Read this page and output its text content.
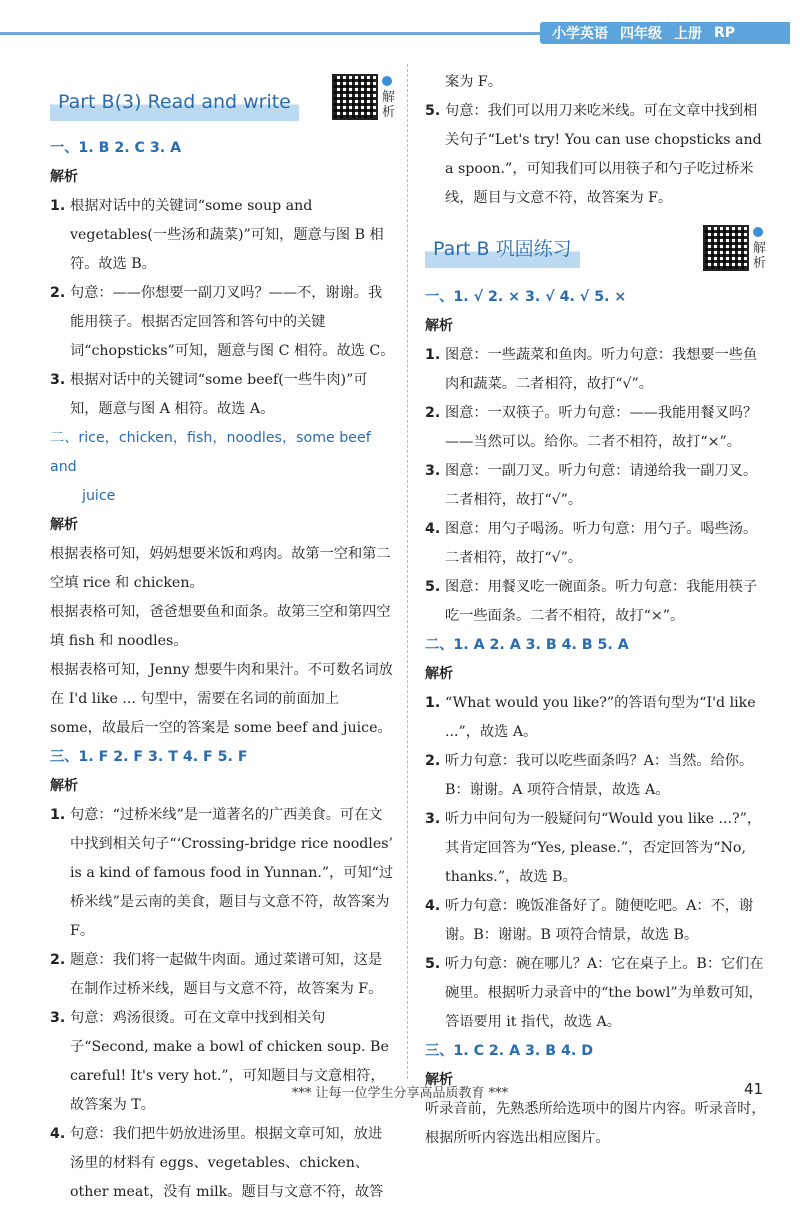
小学英语 四年级 上册 RP
Part B(3) Read and write	解析

一、1. B 2. C 3. A

解析

1. 根据对话中的关键词“some soup and vegetables(一些汤和蔬菜)”可知，题意与图 B 相符。故选 B。
2. 句意：——你想要一副刀叉吗？——不，谢谢。我能用筷子。根据否定回答和答句中的关键词“chopsticks”可知，题意与图 C 相符。故选 C。
3. 根据对话中的关键词“some beef(一些牛肉)”可知，题意与图 A 相符。故选 A。

二、rice，chicken，fish，noodles，some beef and

juice

解析

根据表格可知，妈妈想要米饭和鸡肉。故第一空和第二空填 rice 和 chicken。

根据表格可知，爸爸想要鱼和面条。故第三空和第四空填 fish 和 noodles。

根据表格可知，Jenny 想要牛肉和果汁。不可数名词放在 I'd like ... 句型中，需要在名词的前面加上 some，故最后一空的答案是 some beef and juice。

三、1. F 2. F 3. T 4. F 5. F

解析

1. 句意：“过桥米线”是一道著名的广西美食。可在文中找到相关句子“‘Crossing-bridge rice noodles’ is a kind of famous food in Yunnan.”，可知“过桥米线”是云南的美食，题目与文意不符，故答案为 F。
2. 题意：我们将一起做牛肉面。通过菜谱可知，这是在制作过桥米线，题目与文意不符，故答案为 F。
3. 句意：鸡汤很烫。可在文章中找到相关句子“Second, make a bowl of chicken soup. Be careful! It's very hot.”，可知题目与文意相符，故答案为 T。
4. 句意：我们把牛奶放进汤里。根据文章可知，放进汤里的材料有 eggs、vegetables、chicken、other meat，没有 milk。题目与文意不符，故答

案为 F。

5. 句意：我们可以用刀来吃米线。可在文章中找到相关句子“Let's try! You can use chopsticks and a spoon.”，可知我们可以用筷子和勺子吃过桥米线，题目与文意不符，故答案为 F。
Part B 巩固练习	解析

一、1. √ 2. × 3. √ 4. √ 5. ×

解析

1. 图意：一些蔬菜和鱼肉。听力句意：我想要一些鱼肉和蔬菜。二者相符，故打“√”。
2. 图意：一双筷子。听力句意：——我能用餐叉吗？——当然可以。给你。二者不相符，故打“×”。
3. 图意：一副刀叉。听力句意：请递给我一副刀叉。二者相符，故打“√”。
4. 图意：用勺子喝汤。听力句意：用勺子。喝些汤。二者相符，故打“√”。
5. 图意：用餐叉吃一碗面条。听力句意：我能用筷子吃一些面条。二者不相符，故打“×”。

二、1. A 2. A 3. B 4. B 5. A

解析

1. “What would you like?”的答语句型为“I'd like ...”，故选 A。
2. 听力句意：我可以吃些面条吗？A：当然。给你。B：谢谢。A 项符合情景，故选 A。
3. 听力中问句为一般疑问句“Would you like ...?”，其肯定回答为“Yes, please.”，否定回答为“No, thanks.”，故选 B。
4. 听力句意：晚饭准备好了。随便吃吧。A：不，谢谢。B：谢谢。B 项符合情景，故选 B。
5. 听力句意：碗在哪儿？A：它在桌子上。B：它们在碗里。根据听力录音中的“the bowl”为单数可知，答语要用 it 指代，故选 A。

三、1. C 2. A 3. B 4. D

解析

听录音前，先熟悉所给选项中的图片内容。听录音时，根据所听内容选出相应图片。

*** 让每一位学生分享高品质教育 ***	41
